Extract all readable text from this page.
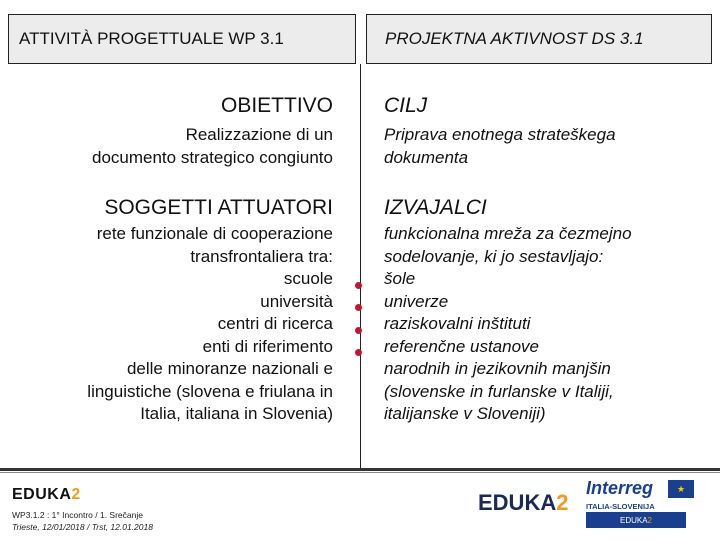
ATTIVITÀ PROGETTUALE WP 3.1	PROJEKTNA AKTIVNOST DS 3.1
OBIETTIVO
Realizzazione di un
documento strategico congiunto
SOGGETTI ATTUATORI
rete funzionale di cooperazione
transfrontaliera tra:
scuole
università
centri di ricerca
enti di riferimento
delle minoranze nazionali e
linguistiche (slovena e friulana in
Italia, italiana in Slovenia)
CILJ
Priprava enotnega strateškega
dokumenta
IZVAJALCI
funkcionalna mreža za čezmejno
sodelovanje, ki jo sestavljajo:
šole
univerze
raziskovalni inštituti
referenčne ustanove
narodnih in jezikovnih manjšin
(slovenske in furlanske v Italiji,
italijanske v Sloveniji)
EDUKA2
WP3.1.2 : 1° Incontro / 1. Srečanje
Trieste, 12/01/2018 / Trst, 12.01.2018
EDUKA2
Interreg	★
ITALIA-SLOVENIJA
EDUKA 2
